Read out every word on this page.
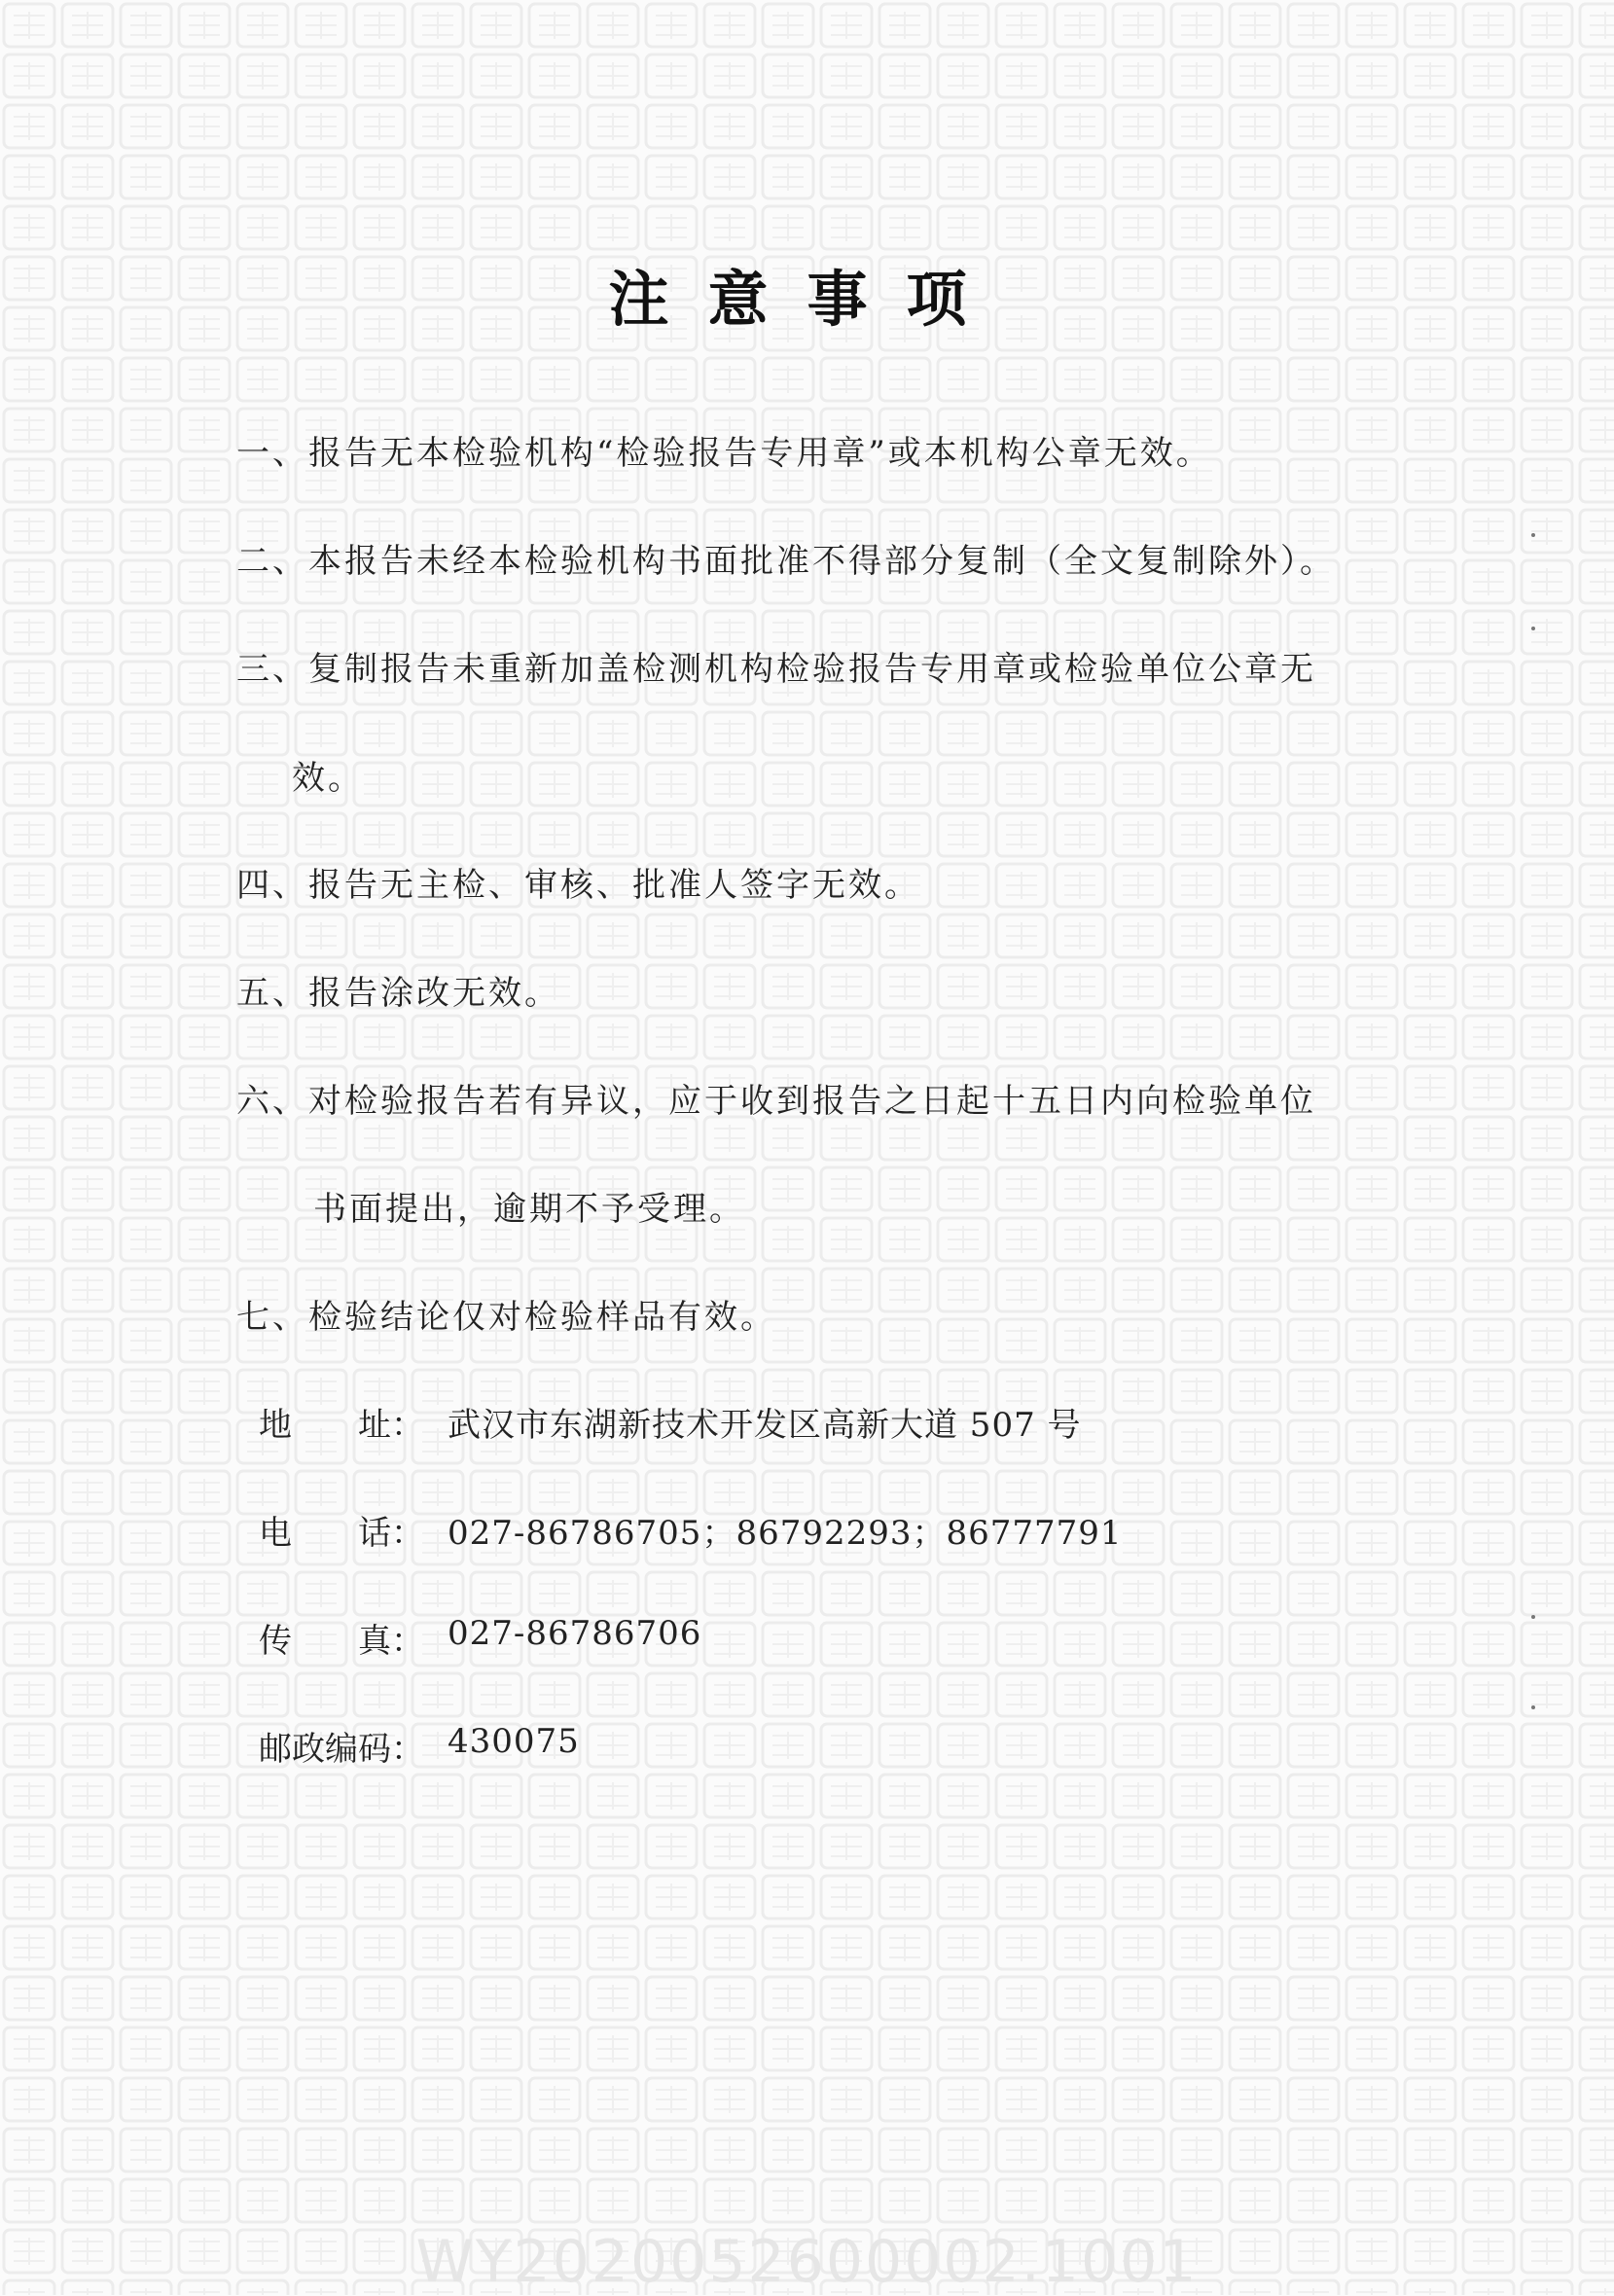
注意事项
一、报告无本检验机构“检验报告专用章”或本机构公章无效。
二、本报告未经本检验机构书面批准不得部分复制（全文复制除外）。
三、复制报告未重新加盖检测机构检验报告专用章或检验单位公章无
效。
四、报告无主检、审核、批准人签字无效。
五、报告涂改无效。
六、对检验报告若有异议，应于收到报告之日起十五日内向检验单位
书面提出，逾期不予受理。
七、检验结论仅对检验样品有效。
地　　址： 武汉市东湖新技术开发区高新大道 507 号
电　　话： 027-86786705；86792293；86777791
传　　真： 027-86786706
邮政编码： 430075
WY2020052600002.1001
